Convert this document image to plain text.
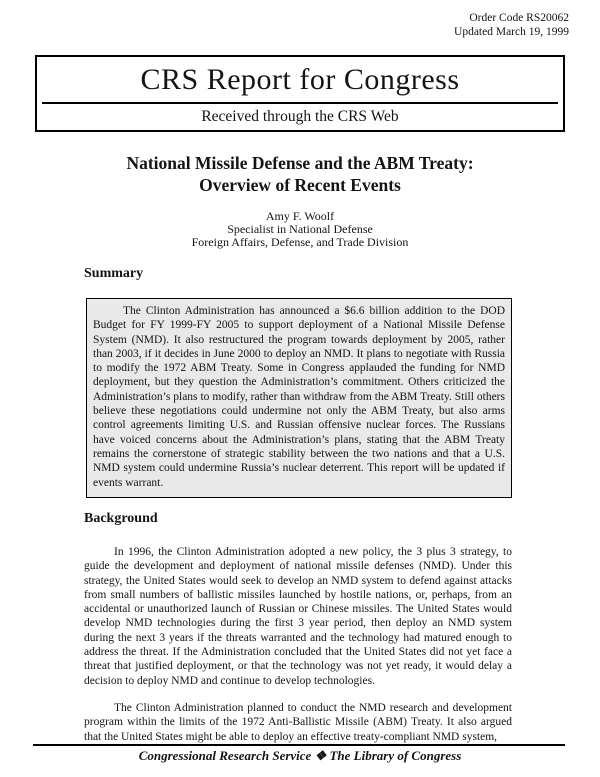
Order Code RS20062
Updated March 19, 1999
CRS Report for Congress
Received through the CRS Web
National Missile Defense and the ABM Treaty:
Overview of Recent Events
Amy F. Woolf
Specialist in National Defense
Foreign Affairs, Defense, and Trade Division
Summary

The Clinton Administration has announced a $6.6 billion addition to the DOD Budget for FY 1999-FY 2005 to support deployment of a National Missile Defense System (NMD). It also restructured the program towards deployment by 2005, rather than 2003, if it decides in June 2000 to deploy an NMD. It plans to negotiate with Russia to modify the 1972 ABM Treaty. Some in Congress applauded the funding for NMD deployment, but they question the Administration’s commitment. Others criticized the Administration’s plans to modify, rather than withdraw from the ABM Treaty. Still others believe these negotiations could undermine not only the ABM Treaty, but also arms control agreements limiting U.S. and Russian offensive nuclear forces. The Russians have voiced concerns about the Administration’s plans, stating that the ABM Treaty remains the cornerstone of strategic stability between the two nations and that a U.S. NMD system could undermine Russia’s nuclear deterrent. This report will be updated if events warrant.

Background

In 1996, the Clinton Administration adopted a new policy, the 3 plus 3 strategy, to guide the development and deployment of national missile defenses (NMD). Under this strategy, the United States would seek to develop an NMD system to defend against attacks from small numbers of ballistic missiles launched by hostile nations, or, perhaps, from an accidental or unauthorized launch of Russian or Chinese missiles. The United States would develop NMD technologies during the first 3 year period, then deploy an NMD system during the next 3 years if the threats warranted and the technology had matured enough to address the threat. If the Administration concluded that the United States did not yet face a threat that justified deployment, or that the technology was not yet ready, it would delay a decision to deploy NMD and continue to develop technologies.

The Clinton Administration planned to conduct the NMD research and development program within the limits of the 1972 Anti-Ballistic Missile (ABM) Treaty. It also argued that the United States might be able to deploy an effective treaty-compliant NMD system,

Congressional Research Service ❖ The Library of Congress
